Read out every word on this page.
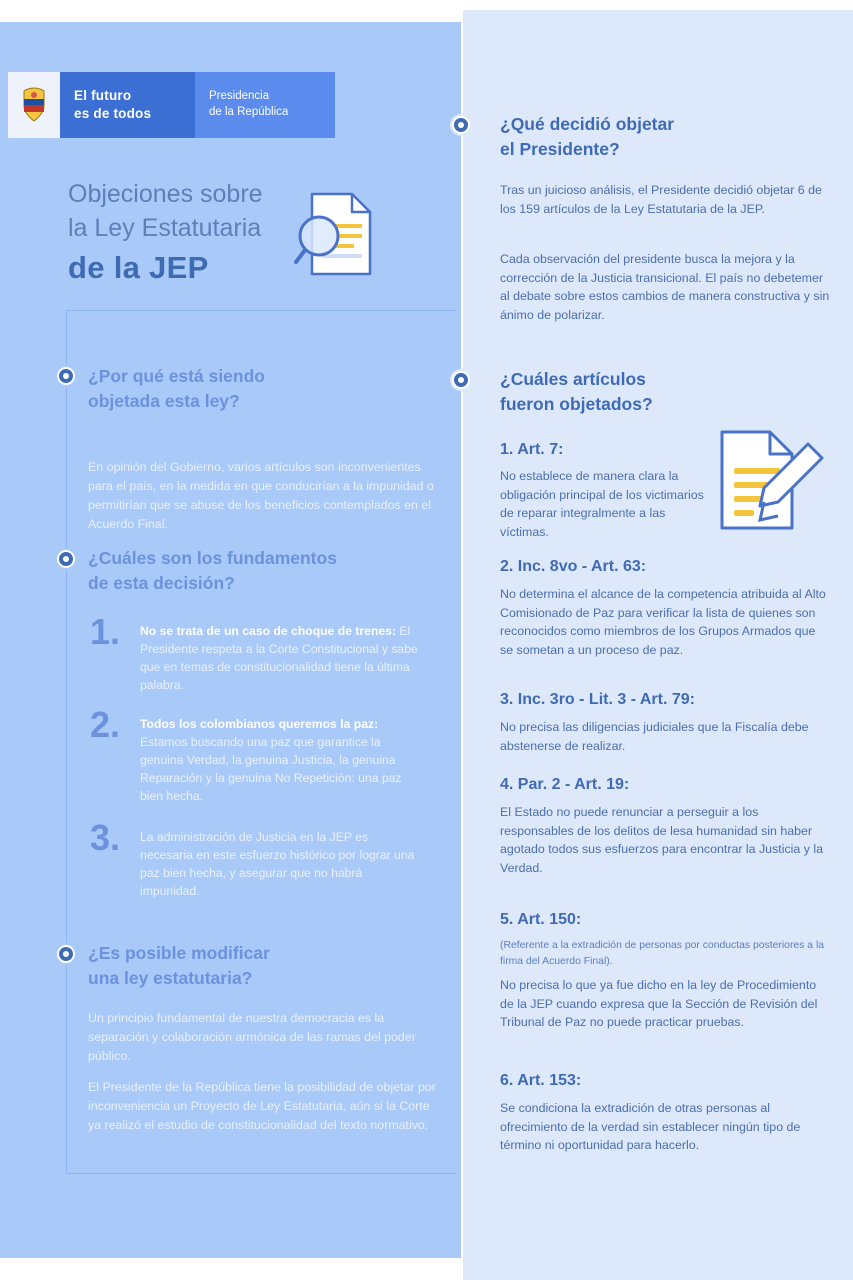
El futuro
es de todos
Presidencia
de la República
Objeciones sobre
la Ley Estatutaria
de la JEP
¿Por qué está siendo
objetada esta ley?
En opinión del Gobierno, varios artículos son inconvenientes para el país, en la medida en que conducirían a la impunidad o permitirían que se abuse de los beneficios contemplados en el Acuerdo Final.
¿Cuáles son los fundamentos
de esta decisión?
1. No se trata de un caso de choque de trenes: El Presidente respeta a la Corte Constitucional y sabe que en temas de constitucionalidad tiene la última palabra.
2. Todos los colombianos queremos la paz: Estamos buscando una paz que garantice la genuina Verdad, la genuina Justicia, la genuina Reparación y la genuina No Repetición: una paz bien hecha.
3. La administración de Justicia en la JEP es necesaria en este esfuerzo histórico por lograr una paz bien hecha, y asegurar que no habrá impunidad.
¿Es posible modificar
una ley estatutaria?
Un principio fundamental de nuestra democracia es la separación y colaboración armónica de las ramas del poder público.
El Presidente de la República tiene la posibilidad de objetar por inconveniencia un Proyecto de Ley Estatutaria, aún si la Corte ya realizó el estudio de constitucionalidad del texto normativo.
¿Qué decidió objetar
el Presidente?
Tras un juicioso análisis, el Presidente decidió objetar 6 de los 159 artículos de la Ley Estatutaria de la JEP.
Cada observación del presidente busca la mejora y la corrección de la Justicia transicional. El país no debetemer al debate sobre estos cambios de manera constructiva y sin ánimo de polarizar.
¿Cuáles artículos
fueron objetados?
1. Art. 7:
No establece de manera clara la obligación principal de los victimarios de reparar integralmente a las víctimas.
2. Inc. 8vo - Art. 63:
No determina el alcance de la competencia atribuida al Alto Comisionado de Paz para verificar la lista de quienes son reconocidos como miembros de los Grupos Armados que se sometan a un proceso de paz.
3. Inc. 3ro - Lit. 3 - Art. 79:
No precisa las diligencias judiciales que la Fiscalía debe abstenerse de realizar.
4. Par. 2 - Art. 19:
El Estado no puede renunciar a perseguir a los responsables de los delitos de lesa humanidad sin haber agotado todos sus esfuerzos para encontrar la Justicia y la Verdad.
5. Art. 150:
(Referente a la extradición de personas por conductas posteriores a la firma del Acuerdo Final).
No precisa lo que ya fue dicho en la ley de Procedimiento de la JEP cuando expresa que la Sección de Revisión del Tribunal de Paz no puede practicar pruebas.
6. Art. 153:
Se condiciona la extradición de otras personas al ofrecimiento de la verdad sin establecer ningún tipo de término ni oportunidad para hacerlo.
